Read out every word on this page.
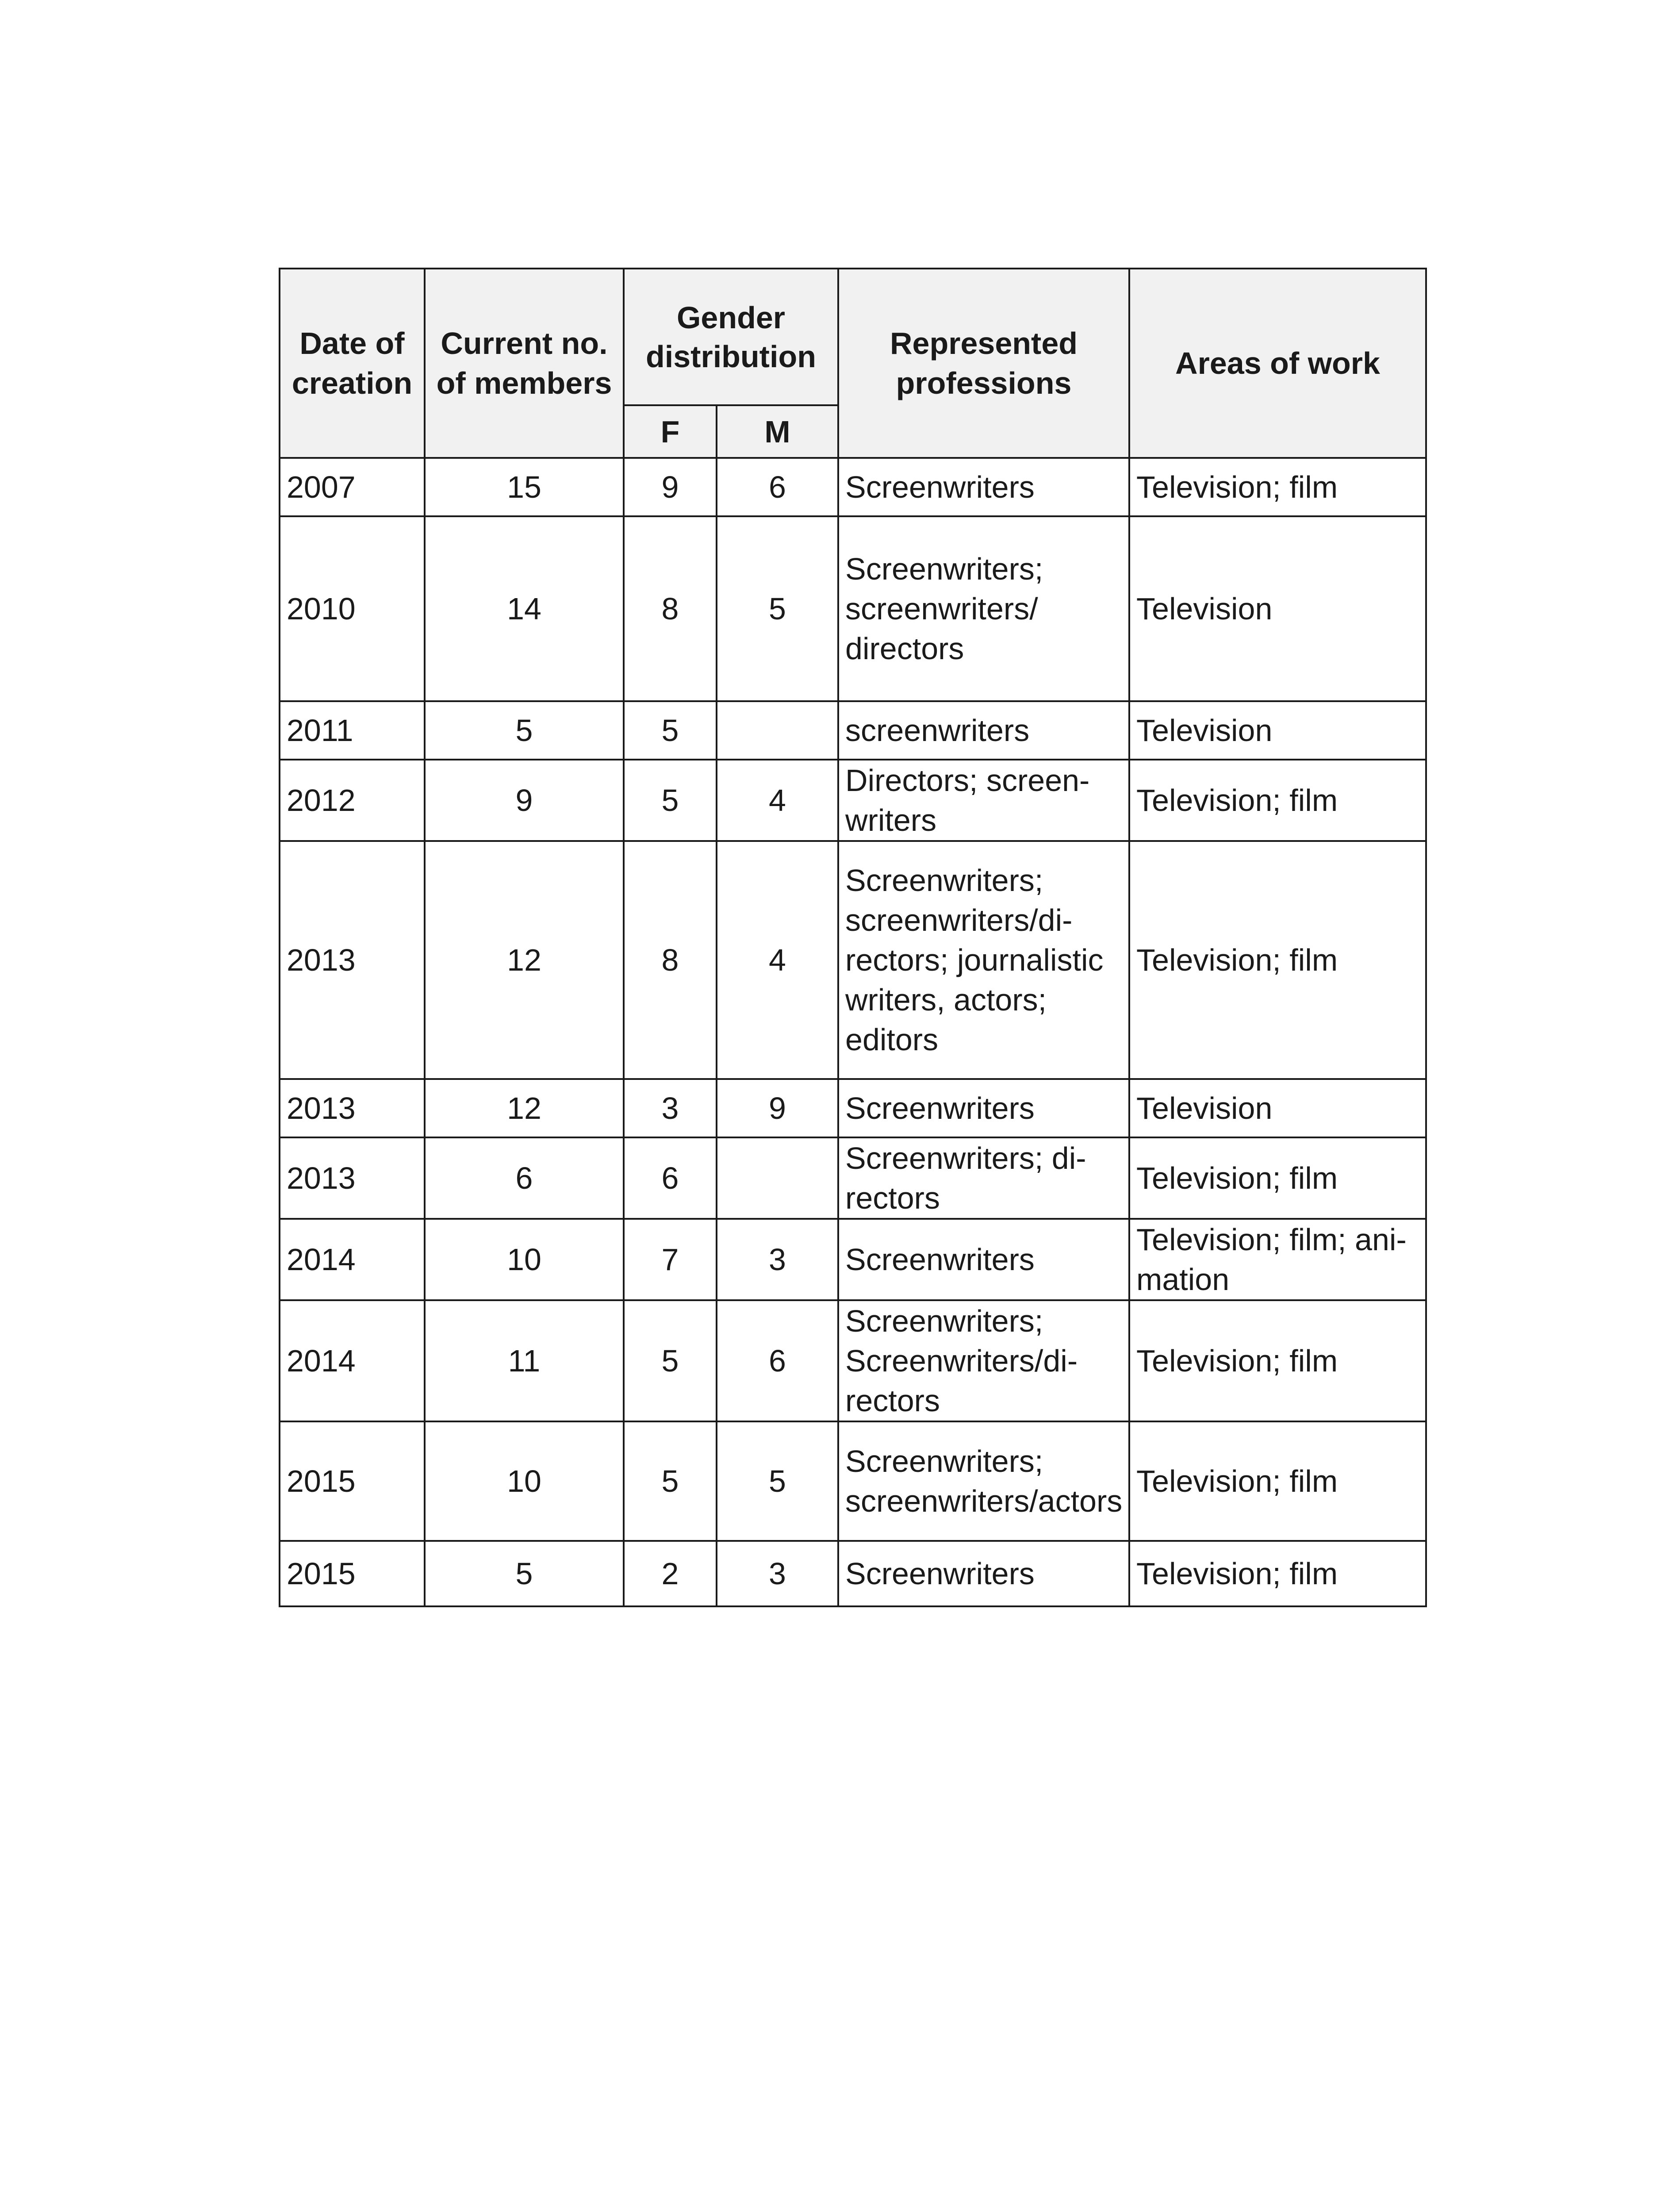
Date of creation	Current no. of members	Gender distribution		Represented professions	Areas of work
		F	M		
2007	15	9	6	Screenwriters	Television; film
2010	14	8	5	Screenwriters; screenwriters/ directors	Television
2011	5	5		screenwriters	Television
2012	9	5	4	Directors; screen- writers	Television; film
2013	12	8	4	Screenwriters; screenwriters/di- rectors; journalistic writers, actors; editors	Television; film
2013	12	3	9	Screenwriters	Television
2013	6	6		Screenwriters; di- rectors	Television; film
2014	10	7	3	Screenwriters	Television; film; ani- mation
2014	11	5	6	Screenwriters; Screenwriters/di- rectors	Television; film
2015	10	5	5	Screenwriters; screenwriters/actors	Television; film
2015	5	2	3	Screenwriters	Television; film
